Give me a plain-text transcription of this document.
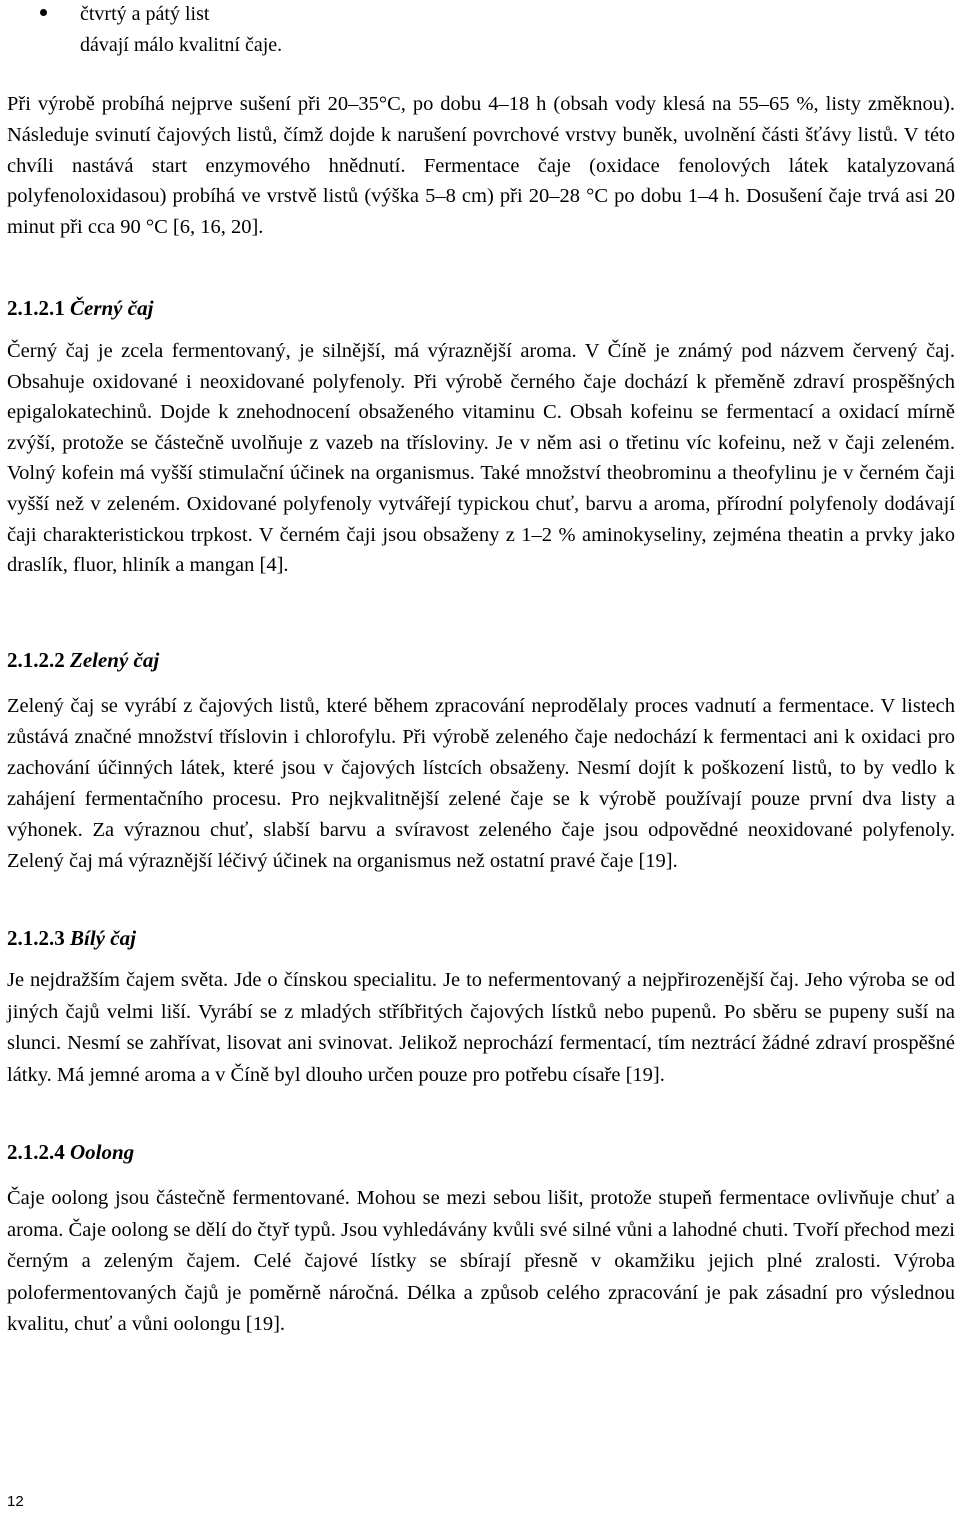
čtvrtý a pátý list
dávají málo kvalitní čaje.

Při výrobě probíhá nejprve sušení při 20–35°C, po dobu 4–18 h (obsah vody klesá na 55–65 %, listy změknou). Následuje svinutí čajových listů, čímž dojde k narušení povrchové vrstvy buněk, uvolnění části šťávy listů. V této chvíli nastává start enzymového hnědnutí. Fermentace čaje (oxidace fenolových látek katalyzovaná polyfenoloxidasou) probíhá ve vrstvě listů (výška 5–8 cm) při 20–28 °C po dobu 1–4 h. Dosušení čaje trvá asi 20 minut při cca 90 °C [6, 16, 20].

2.1.2.1 Černý čaj

Černý čaj je zcela fermentovaný, je silnější, má výraznější aroma. V Číně je známý pod názvem červený čaj. Obsahuje oxidované i neoxidované polyfenoly. Při výrobě černého čaje dochází k přeměně zdraví prospěšných epigalokatechinů. Dojde k znehodnocení obsaženého vitaminu C. Obsah kofeinu se fermentací a oxidací mírně zvýší, protože se částečně uvolňuje z vazeb na třísloviny. Je v něm asi o třetinu víc kofeinu, než v čaji zeleném. Volný kofein má vyšší stimulační účinek na organismus. Také množství theobrominu a theofylinu je v černém čaji vyšší než v zeleném. Oxidované polyfenoly vytvářejí typickou chuť, barvu a aroma, přírodní polyfenoly dodávají čaji charakteristickou trpkost. V černém čaji jsou obsaženy z 1–2 % aminokyseliny, zejména theatin a prvky jako draslík, fluor, hliník a mangan [4].

2.1.2.2 Zelený čaj

Zelený čaj se vyrábí z čajových listů, které během zpracování neprodělaly proces vadnutí a fermentace. V listech zůstává značné množství tříslovin i chlorofylu. Při výrobě zeleného čaje nedochází k fermentaci ani k oxidaci pro zachování účinných látek, které jsou v čajových lístcích obsaženy. Nesmí dojít k poškození listů, to by vedlo k zahájení fermentačního procesu. Pro nejkvalitnější zelené čaje se k výrobě používají pouze první dva listy a výhonek. Za výraznou chuť, slabší barvu a svíravost zeleného čaje jsou odpovědné neoxidované polyfenoly. Zelený čaj má výraznější léčivý účinek na organismus než ostatní pravé čaje [19].

2.1.2.3 Bílý čaj

Je nejdražším čajem světa. Jde o čínskou specialitu. Je to nefermentovaný a nejpřirozenější čaj. Jeho výroba se od jiných čajů velmi liší. Vyrábí se z mladých stříbřitých čajových lístků nebo pupenů. Po sběru se pupeny suší na slunci. Nesmí se zahřívat, lisovat ani svinovat. Jelikož neprochází fermentací, tím neztrácí žádné zdraví prospěšné látky. Má jemné aroma a v Číně byl dlouho určen pouze pro potřebu císaře [19].

2.1.2.4 Oolong

Čaje oolong jsou částečně fermentované. Mohou se mezi sebou lišit, protože stupeň fermentace ovlivňuje chuť a aroma. Čaje oolong se dělí do čtyř typů. Jsou vyhledávány kvůli své silné vůni a lahodné chuti. Tvoří přechod mezi černým a zeleným čajem. Celé čajové lístky se sbírají přesně v okamžiku jejich plné zralosti. Výroba polofermentovaných čajů je poměrně náročná. Délka a způsob celého zpracování je pak zásadní pro výslednou kvalitu, chuť a vůni oolongu [19].

12
